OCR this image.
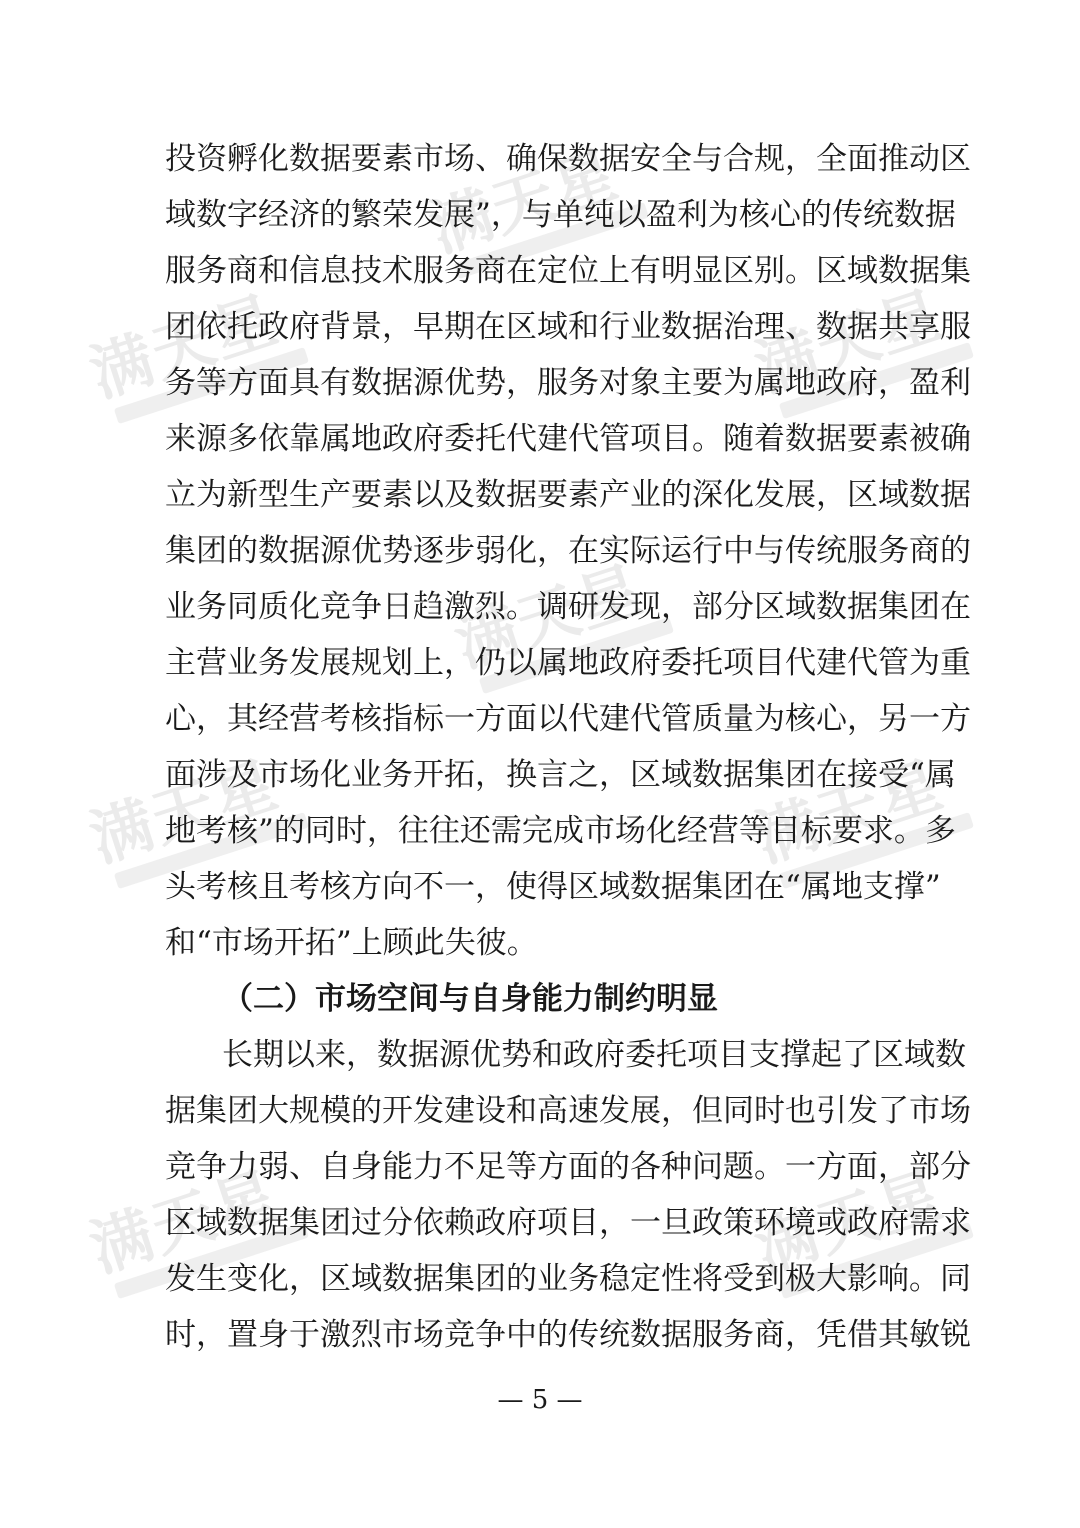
满天星
满天星	满天星
满天星
满天星	满天星
满天星	满天星
投资孵化数据要素市场、确保数据安全与合规，全面推动区
域数字经济的繁荣发展”，与单纯以盈利为核心的传统数据
服务商和信息技术服务商在定位上有明显区别。区域数据集
团依托政府背景，早期在区域和行业数据治理、数据共享服
务等方面具有数据源优势，服务对象主要为属地政府，盈利
来源多依靠属地政府委托代建代管项目。随着数据要素被确
立为新型生产要素以及数据要素产业的深化发展，区域数据
集团的数据源优势逐步弱化，在实际运行中与传统服务商的
业务同质化竞争日趋激烈。调研发现，部分区域数据集团在
主营业务发展规划上，仍以属地政府委托项目代建代管为重
心，其经营考核指标一方面以代建代管质量为核心，另一方
面涉及市场化业务开拓，换言之，区域数据集团在接受“属
地考核”的同时，往往还需完成市场化经营等目标要求。多
头考核且考核方向不一，使得区域数据集团在“属地支撑”
和“市场开拓”上顾此失彼。
（二）市场空间与自身能力制约明显
长期以来，数据源优势和政府委托项目支撑起了区域数
据集团大规模的开发建设和高速发展，但同时也引发了市场
竞争力弱、自身能力不足等方面的各种问题。一方面，部分
区域数据集团过分依赖政府项目，一旦政策环境或政府需求
发生变化，区域数据集团的业务稳定性将受到极大影响。同
时，置身于激烈市场竞争中的传统数据服务商，凭借其敏锐
— 5 —
